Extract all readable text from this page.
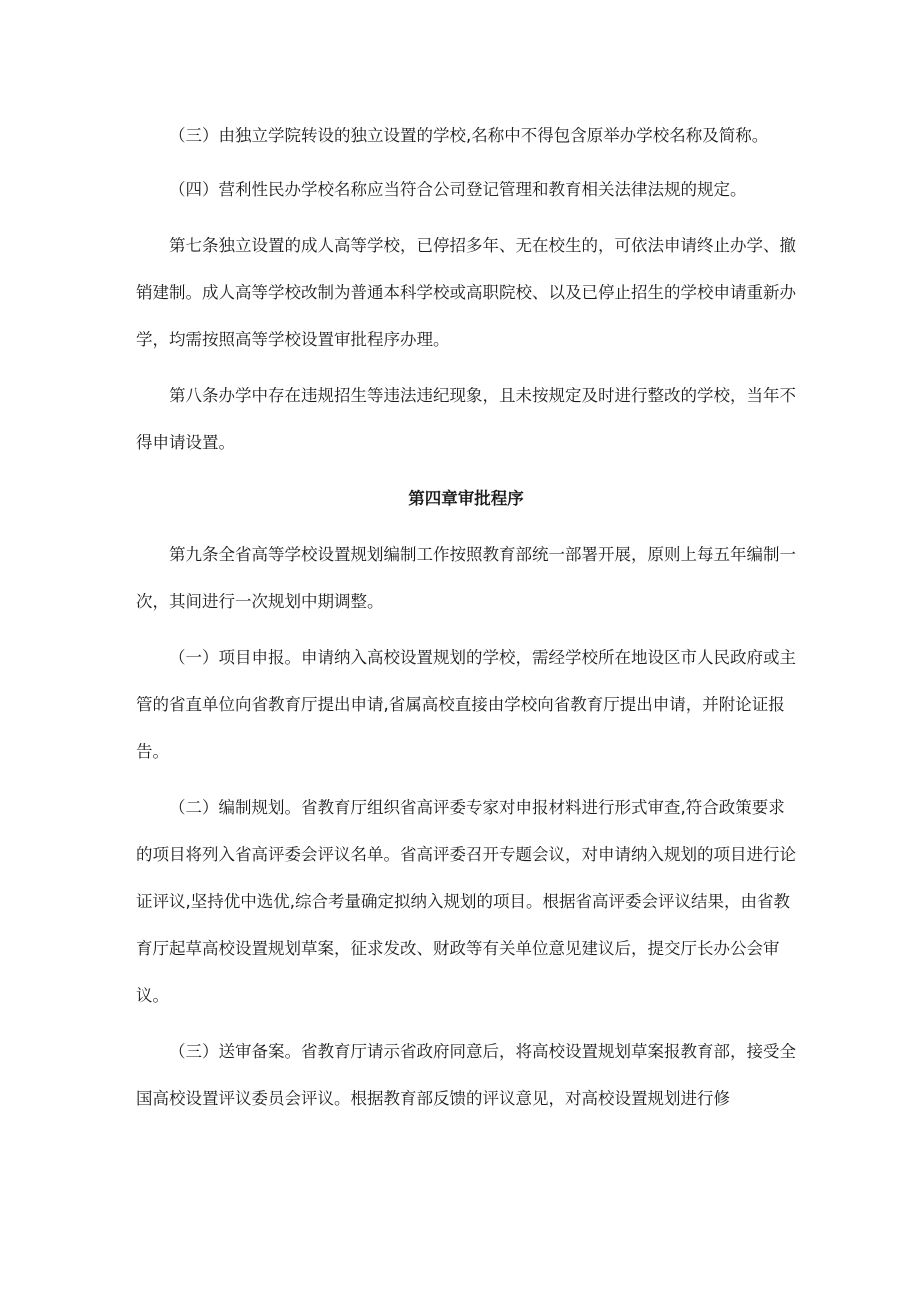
（三）由独立学院转设的独立设置的学校,名称中不得包含原举办学校名称及简称。

（四）营利性民办学校名称应当符合公司登记管理和教育相关法律法规的规定。

第七条独立设置的成人高等学校，已停招多年、无在校生的，可依法申请终止办学、撤销建制。成人高等学校改制为普通本科学校或高职院校、以及已停止招生的学校申请重新办学，均需按照高等学校设置审批程序办理。

第八条办学中存在违规招生等违法违纪现象，且未按规定及时进行整改的学校，当年不得申请设置。

第四章审批程序

第九条全省高等学校设置规划编制工作按照教育部统一部署开展，原则上每五年编制一次，其间进行一次规划中期调整。

（一）项目申报。申请纳入高校设置规划的学校，需经学校所在地设区市人民政府或主管的省直单位向省教育厅提出申请,省属高校直接由学校向省教育厅提出申请，并附论证报告。

（二）编制规划。省教育厅组织省高评委专家对申报材料进行形式审查,符合政策要求的项目将列入省高评委会评议名单。省高评委召开专题会议，对申请纳入规划的项目进行论证评议,坚持优中选优,综合考量确定拟纳入规划的项目。根据省高评委会评议结果，由省教育厅起草高校设置规划草案，征求发改、财政等有关单位意见建议后，提交厅长办公会审议。

（三）送审备案。省教育厅请示省政府同意后，将高校设置规划草案报教育部，接受全国高校设置评议委员会评议。根据教育部反馈的评议意见，对高校设置规划进行修
